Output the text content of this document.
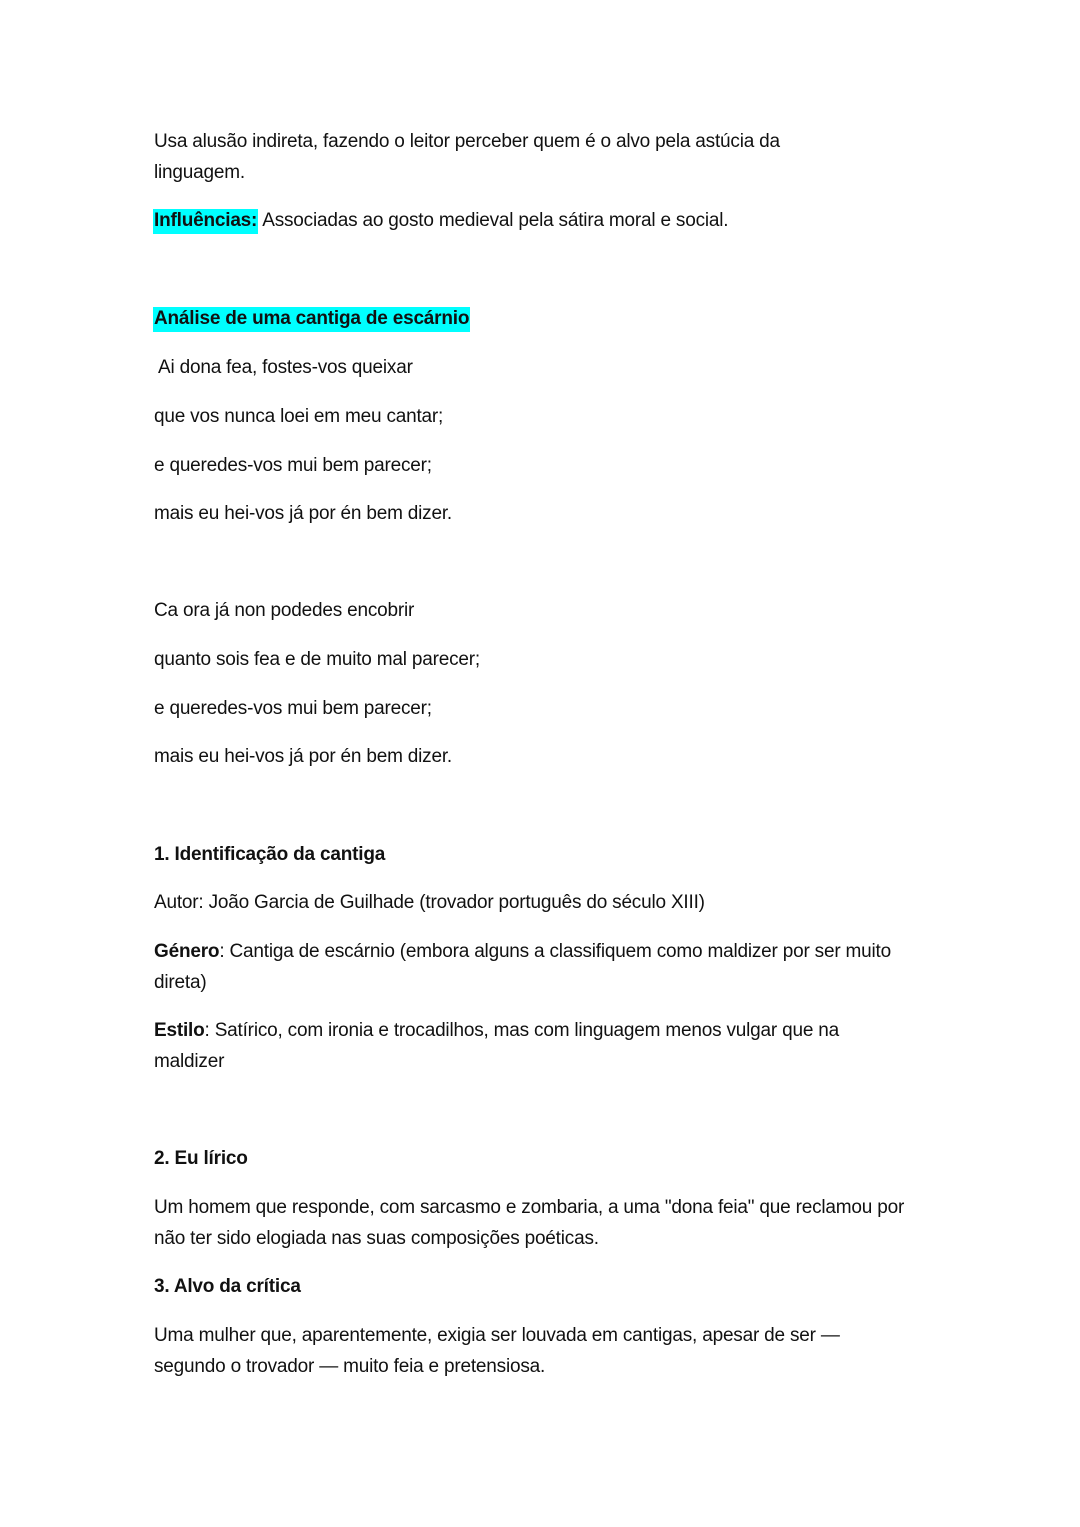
Usa alusão indireta, fazendo o leitor perceber quem é o alvo pela astúcia da linguagem.

Influências: Associadas ao gosto medieval pela sátira moral e social.

Análise de uma cantiga de escárnio

Ai dona fea, fostes-vos queixar

que vos nunca loei em meu cantar;

e queredes-vos mui bem parecer;

mais eu hei-vos já por én bem dizer.

Ca ora já non podedes encobrir

quanto sois fea e de muito mal parecer;

e queredes-vos mui bem parecer;

mais eu hei-vos já por én bem dizer.

1. Identificação da cantiga

Autor: João Garcia de Guilhade (trovador português do século XIII)

Género: Cantiga de escárnio (embora alguns a classifiquem como maldizer por ser muito direta)

Estilo: Satírico, com ironia e trocadilhos, mas com linguagem menos vulgar que na maldizer

2. Eu lírico

Um homem que responde, com sarcasmo e zombaria, a uma "dona feia" que reclamou por não ter sido elogiada nas suas composições poéticas.

3. Alvo da crítica

Uma mulher que, aparentemente, exigia ser louvada em cantigas, apesar de ser — segundo o trovador — muito feia e pretensiosa.
